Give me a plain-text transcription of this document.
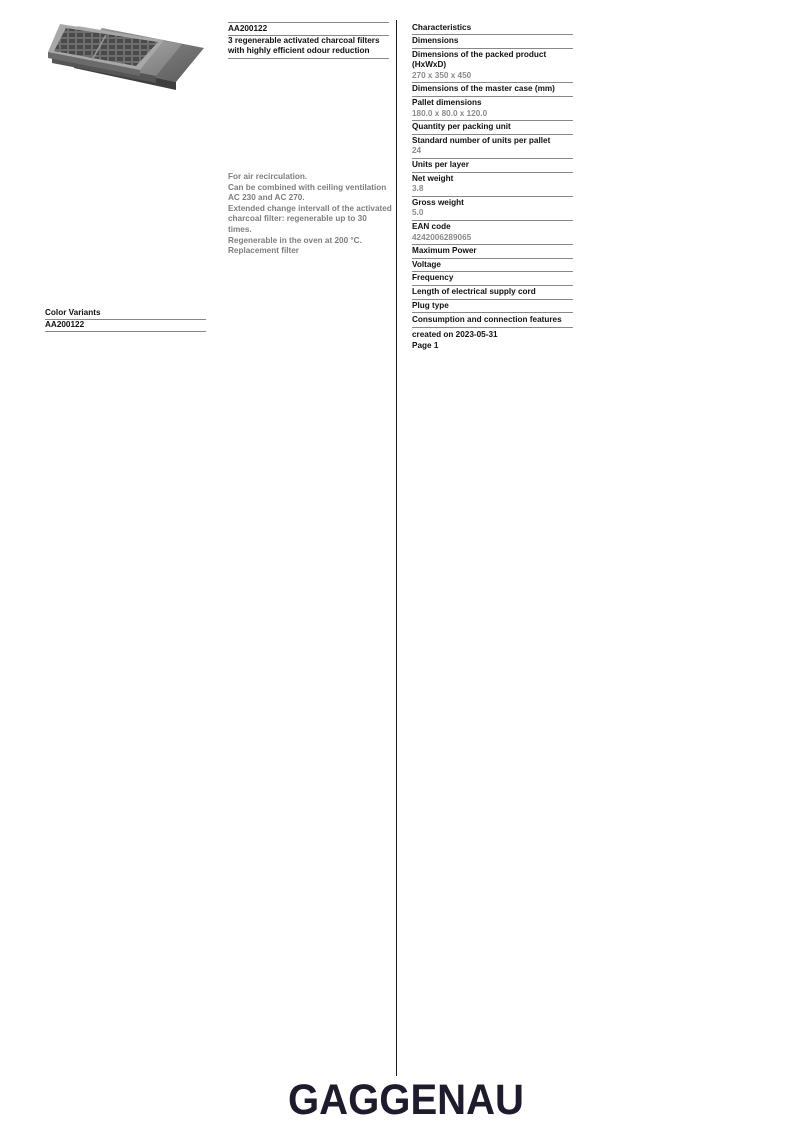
Color Variants
AA200122
AA200122
3 regenerable activated charcoal filters with highly efficient odour reduction
For air recirculation.
Can be combined with ceiling ventilation AC 230 and AC 270.
Extended change intervall of the activated charcoal filter: regenerable up to 30 times.
Regenerable in the oven at 200 °C.
Replacement filter
Characteristics
Dimensions
Dimensions of the packed product (HxWxD)
270 x 350 x 450
Dimensions of the master case (mm)
Pallet dimensions
180.0 x 80.0 x 120.0
Quantity per packing unit
Standard number of units per pallet
24
Units per layer
Net weight
3.8
Gross weight
5.0
EAN code
4242006289065
Maximum Power
Voltage
Frequency
Length of electrical supply cord
Plug type
Consumption and connection features
created on 2023-05-31
Page 1
GAGGENAU
